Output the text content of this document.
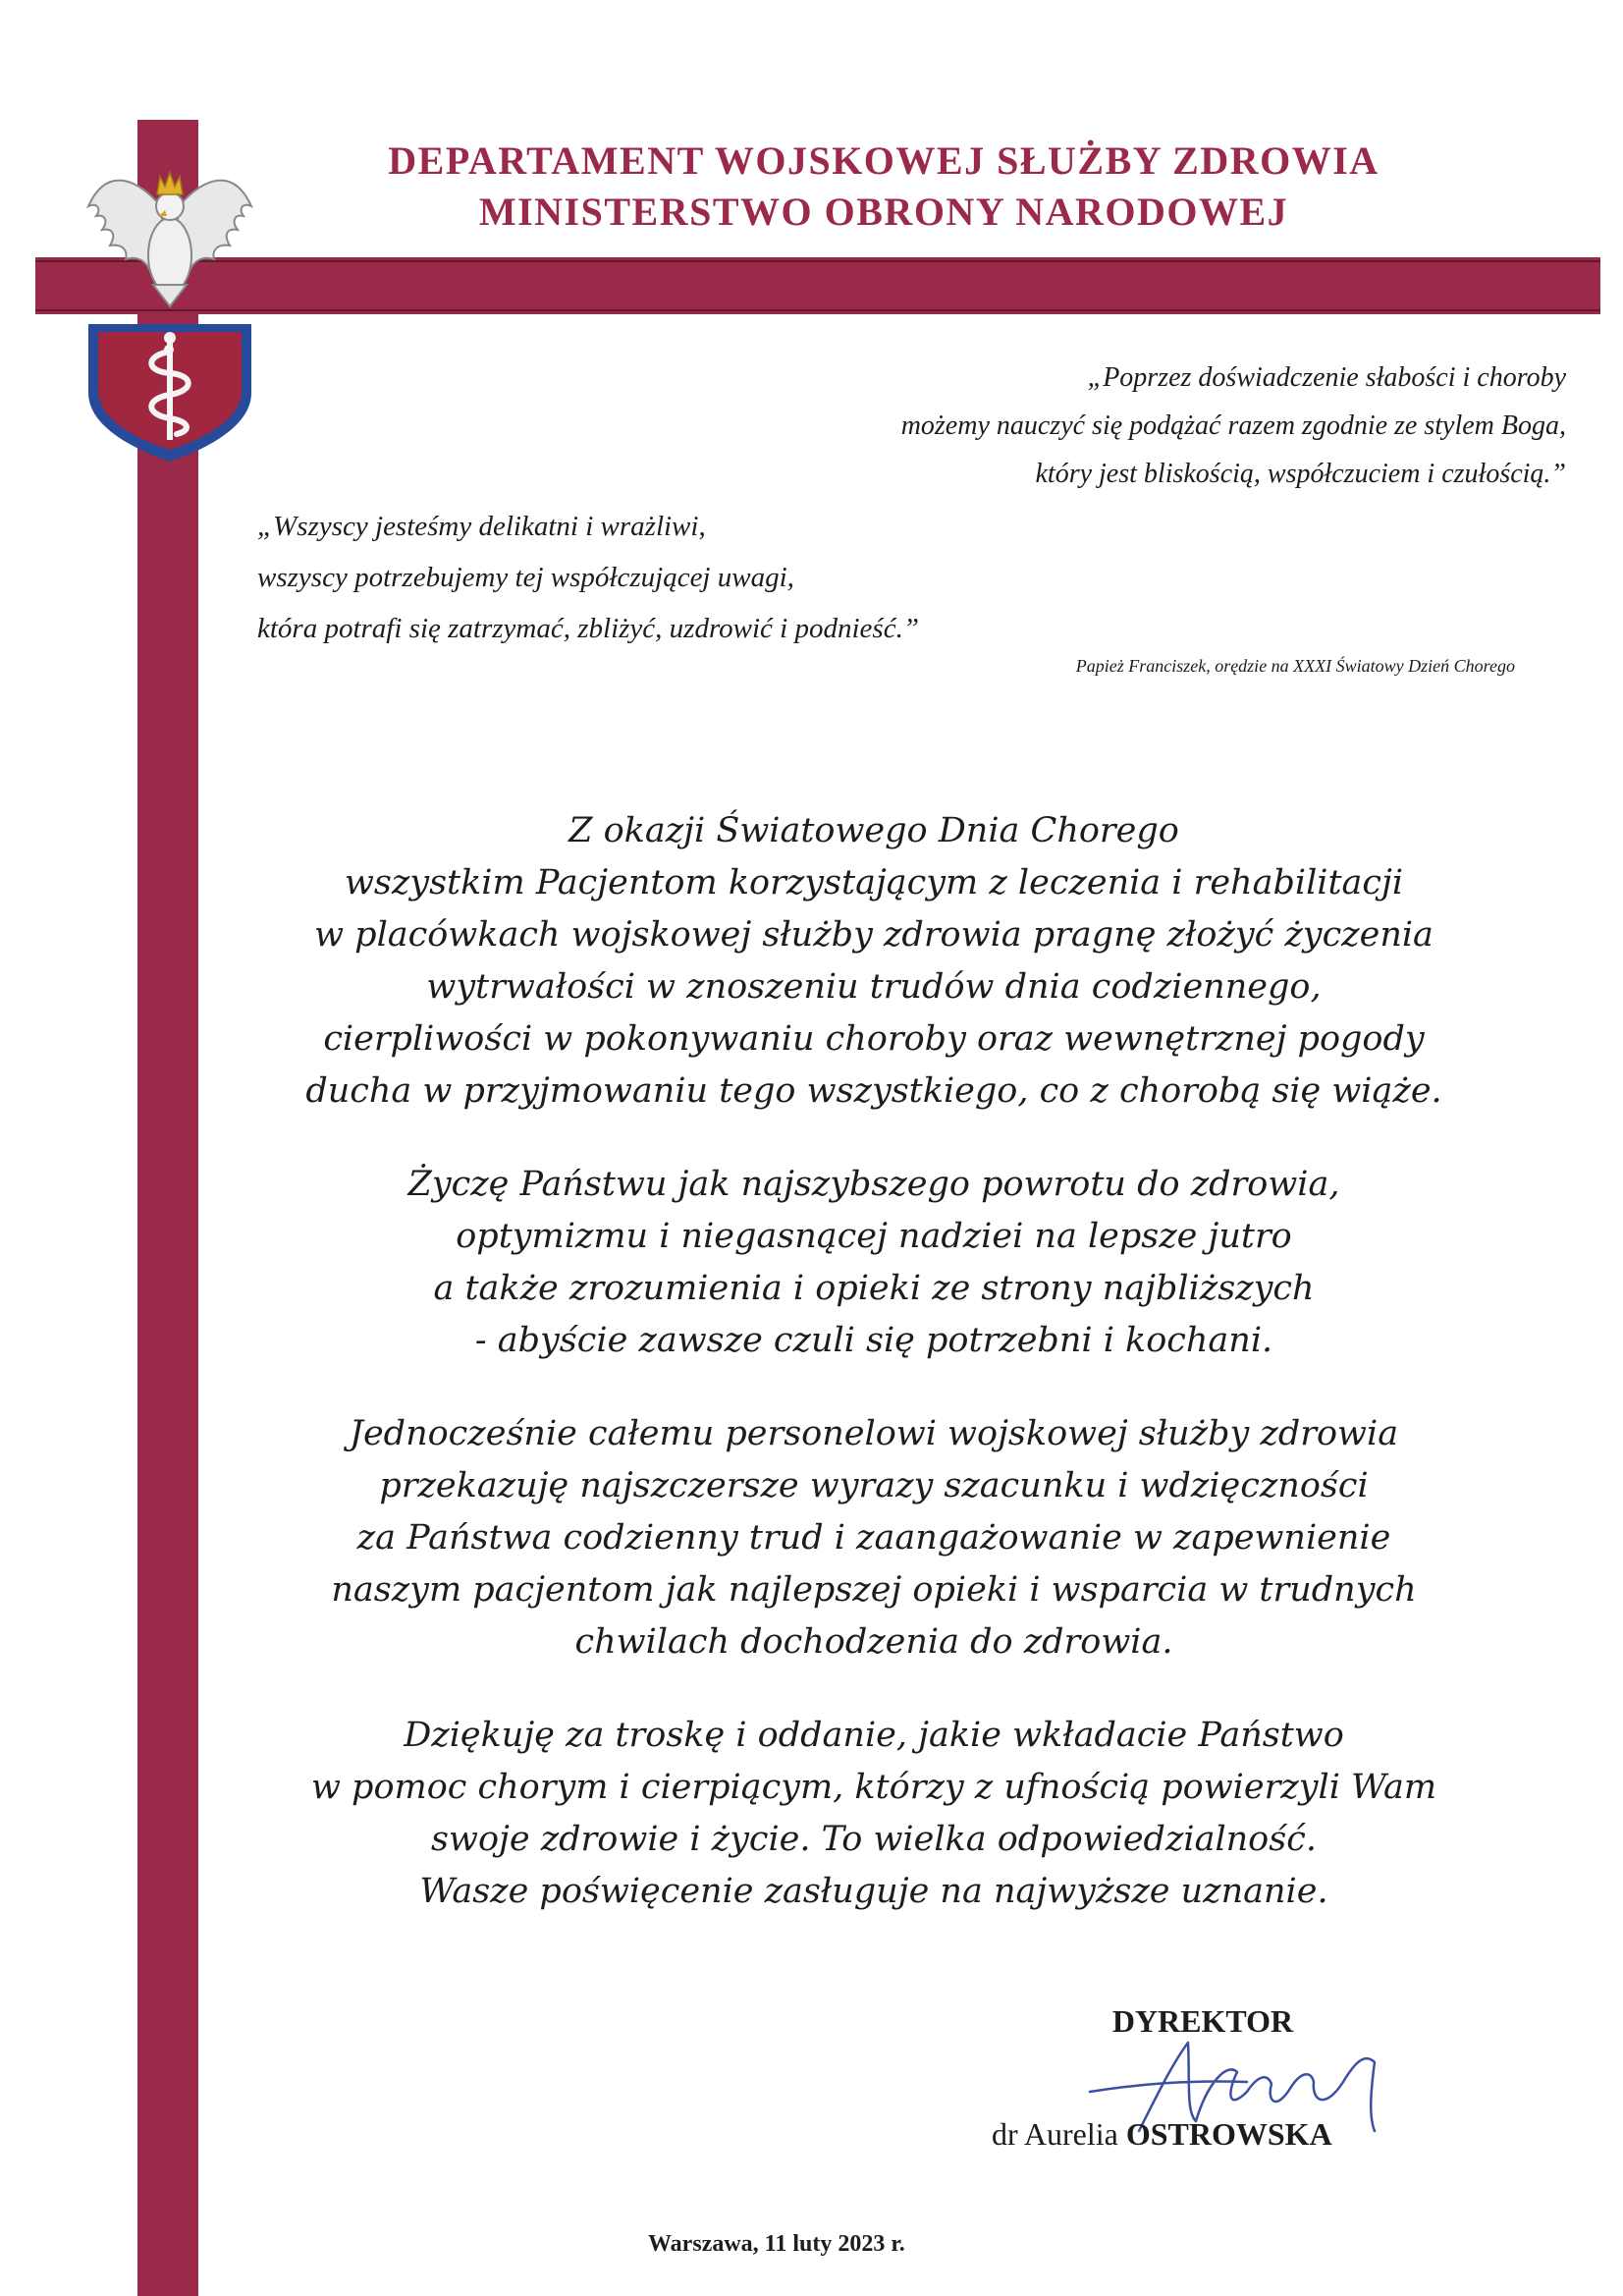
DEPARTAMENT WOJSKOWEJ SŁUŻBY ZDROWIA
MINISTERSTWO OBRONY NARODOWEJ
„Poprzez doświadczenie słabości i choroby
możemy nauczyć się podążać razem zgodnie ze stylem Boga,
który jest bliskością, współczuciem i czułością.”
„Wszyscy jesteśmy delikatni i wrażliwi,
wszyscy potrzebujemy tej współczującej uwagi,
która potrafi się zatrzymać, zbliżyć, uzdrowić i podnieść.”
Papież Franciszek, orędzie na XXXI Światowy Dzień Chorego

Z okazji Światowego Dnia Chorego
wszystkim Pacjentom korzystającym z leczenia i rehabilitacji
w placówkach wojskowej służby zdrowia pragnę złożyć życzenia
wytrwałości w znoszeniu trudów dnia codziennego,
cierpliwości w pokonywaniu choroby oraz wewnętrznej pogody
ducha w przyjmowaniu tego wszystkiego, co z chorobą się wiąże.

Życzę Państwu jak najszybszego powrotu do zdrowia,
optymizmu i niegasnącej nadziei na lepsze jutro
a także zrozumienia i opieki ze strony najbliższych
- abyście zawsze czuli się potrzebni i kochani.

Jednocześnie całemu personelowi wojskowej służby zdrowia
przekazuję najszczersze wyrazy szacunku i wdzięczności
za Państwa codzienny trud i zaangażowanie w zapewnienie
naszym pacjentom jak najlepszej opieki i wsparcia w trudnych
chwilach dochodzenia do zdrowia.

Dziękuję za troskę i oddanie, jakie wkładacie Państwo
w pomoc chorym i cierpiącym, którzy z ufnością powierzyli Wam
swoje zdrowie i życie. To wielka odpowiedzialność.
Wasze poświęcenie zasługuje na najwyższe uznanie.

DYREKTOR
dr Aurelia OSTROWSKA
Warszawa, 11 luty 2023 r.
